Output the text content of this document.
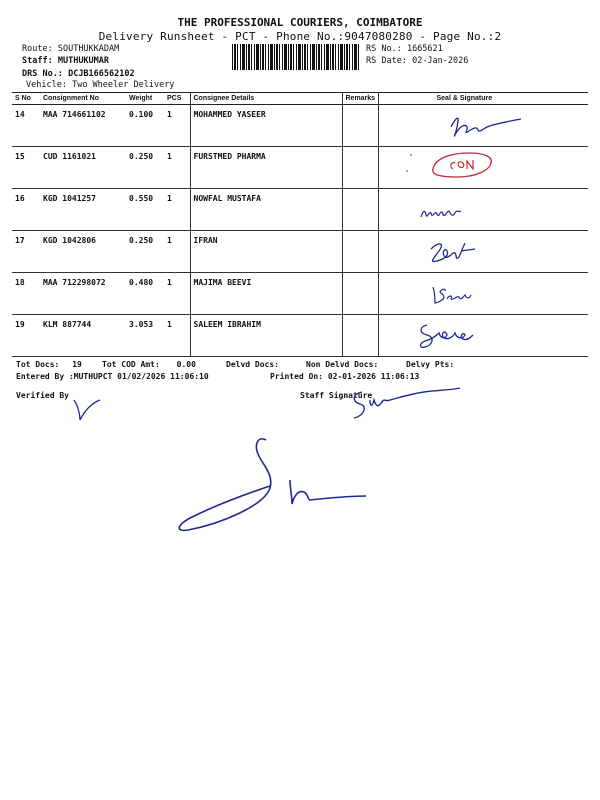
THE PROFESSIONAL COURIERS, COIMBATORE
Delivery Runsheet - PCT - Phone No.:9047080280 - Page No.:2
Route: SOUTHUKKADAM
Staff: MUTHUKUMAR
DRS No.: DCJB166562102
Vehicle: Two Wheeler Delivery
RS No.: 1665621
RS Date: 02-Jan-2026
S No	Consignment No	Weight	PCS	Consignee Details	Remarks	Seal & Signature
14	MAA 714661102	0.100	1	MOHAMMED YASEER		

15	CUD 1161021	0.250	1	FURSTMED PHARMA		

16	KGD 1041257	0.550	1	NOWFAL MUSTAFA		

17	KGD 1042806	0.250	1	IFRAN		

18	MAA 712298072	0.480	1	MAJIMA BEEVI		

19	KLM 887744	3.053	1	SALEEM IBRAHIM		
Tot Docs: 19	Tot COD Amt: 0.00	Delvd Docs:	Non Delvd Docs:	Delvy Pts:
Entered By :MUTHUPCT 01/02/2026 11:06:10	Printed On: 02-01-2026 11:06:13
Verified By	Staff Signature
